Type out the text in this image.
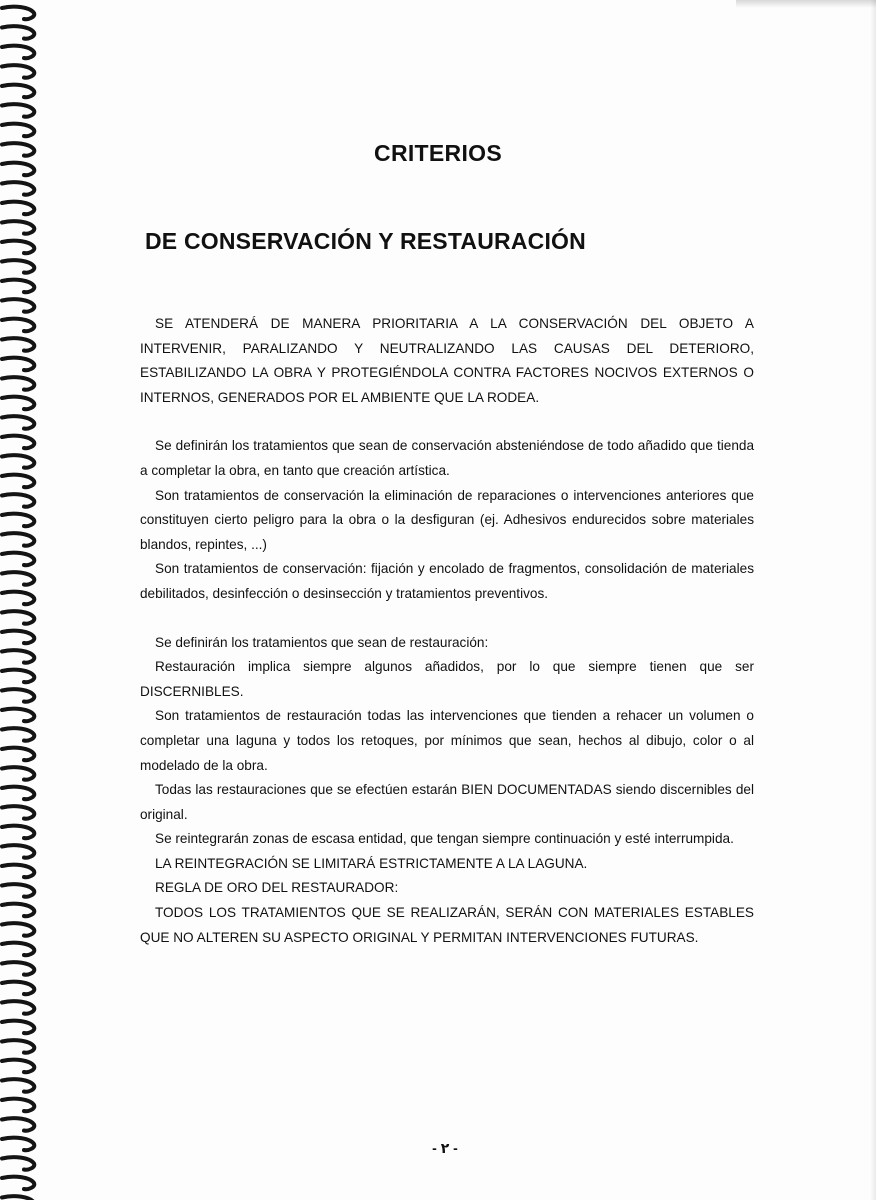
CRITERIOS
DE CONSERVACIÓN Y RESTAURACIÓN

SE ATENDERÁ DE MANERA PRIORITARIA A LA CONSERVACIÓN DEL OBJETO A INTERVENIR, PARALIZANDO Y NEUTRALIZANDO LAS CAUSAS DEL DETERIORO, ESTABILIZANDO LA OBRA Y PROTEGIÉNDOLA CONTRA FACTORES NOCIVOS EXTERNOS O INTERNOS, GENERADOS POR EL AMBIENTE QUE LA RODEA.

Se definirán los tratamientos que sean de conservación absteniéndose de todo añadido que tienda a completar la obra, en tanto que creación artística.

Son tratamientos de conservación la eliminación de reparaciones o intervenciones anteriores que constituyen cierto peligro para la obra o la desfiguran (ej. Adhesivos endurecidos sobre materiales blandos, repintes, ...)

Son tratamientos de conservación: fijación y encolado de fragmentos, consolidación de materiales debilitados, desinfección o desinsección y tratamientos preventivos.

Se definirán los tratamientos que sean de restauración:

Restauración implica siempre algunos añadidos, por lo que siempre tienen que ser DISCERNIBLES.

Son tratamientos de restauración todas las intervenciones que tienden a rehacer un volumen o completar una laguna y todos los retoques, por mínimos que sean, hechos al dibujo, color o al modelado de la obra.

Todas las restauraciones que se efectúen estarán BIEN DOCUMENTADAS siendo discernibles del original.

Se reintegrarán zonas de escasa entidad, que tengan siempre continuación y esté interrumpida.

LA REINTEGRACIÓN SE LIMITARÁ ESTRICTAMENTE A LA LAGUNA.

REGLA DE ORO DEL RESTAURADOR:

TODOS LOS TRATAMIENTOS QUE SE REALIZARÁN, SERÁN CON MATERIALES ESTABLES QUE NO ALTEREN SU ASPECTO ORIGINAL Y PERMITAN INTERVENCIONES FUTURAS.

- ٢ -
